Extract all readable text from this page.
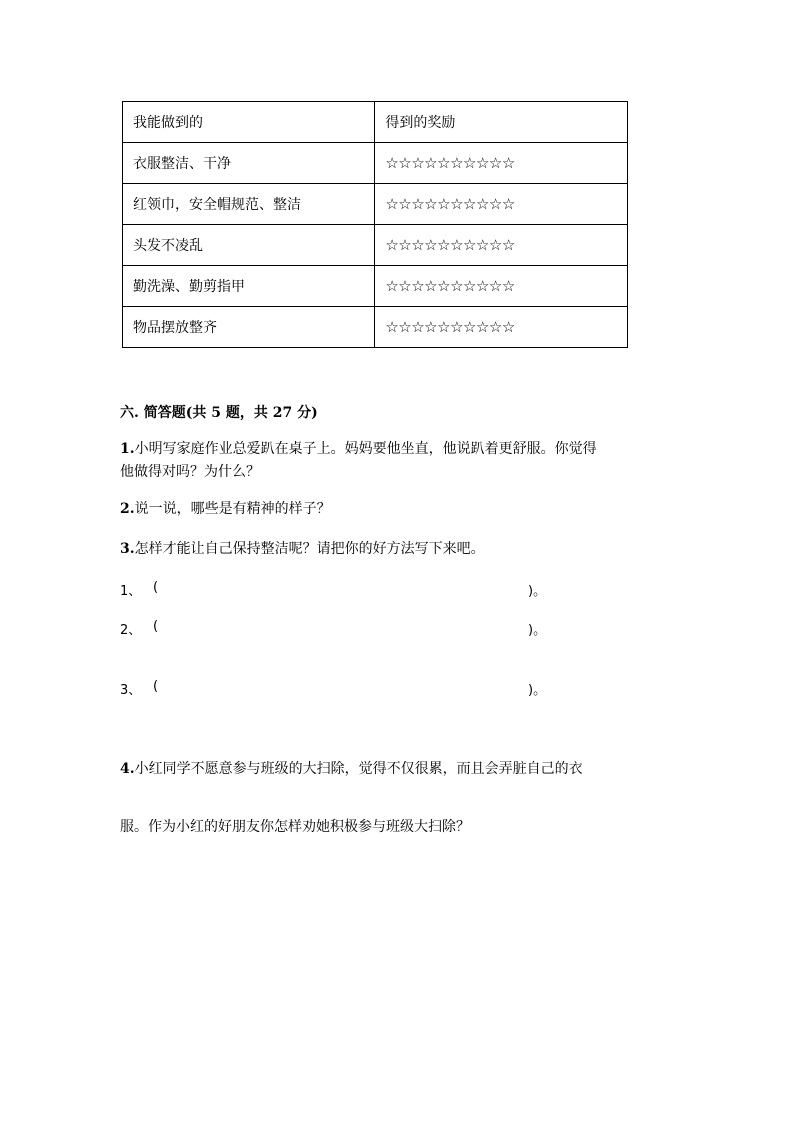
我能做到的	得到的奖励
衣服整洁、干净	☆☆☆☆☆☆☆☆☆☆
红领巾，安全帽规范、整洁	☆☆☆☆☆☆☆☆☆☆
头发不凌乱	☆☆☆☆☆☆☆☆☆☆
勤洗澡、勤剪指甲	☆☆☆☆☆☆☆☆☆☆
物品摆放整齐	☆☆☆☆☆☆☆☆☆☆
六. 简答题(共 5 题，共 27 分)
1.小明写家庭作业总爱趴在桌子上。妈妈要他坐直，他说趴着更舒服。你觉得
他做得对吗？为什么？
2.说一说，哪些是有精神的样子？
3.怎样才能让自己保持整洁呢？请把你的好方法写下来吧。
1、 (	)。
2、 (	)。
3、 (	)。
4.小红同学不愿意参与班级的大扫除，觉得不仅很累，而且会弄脏自己的衣
服。作为小红的好朋友你怎样劝她积极参与班级大扫除？
